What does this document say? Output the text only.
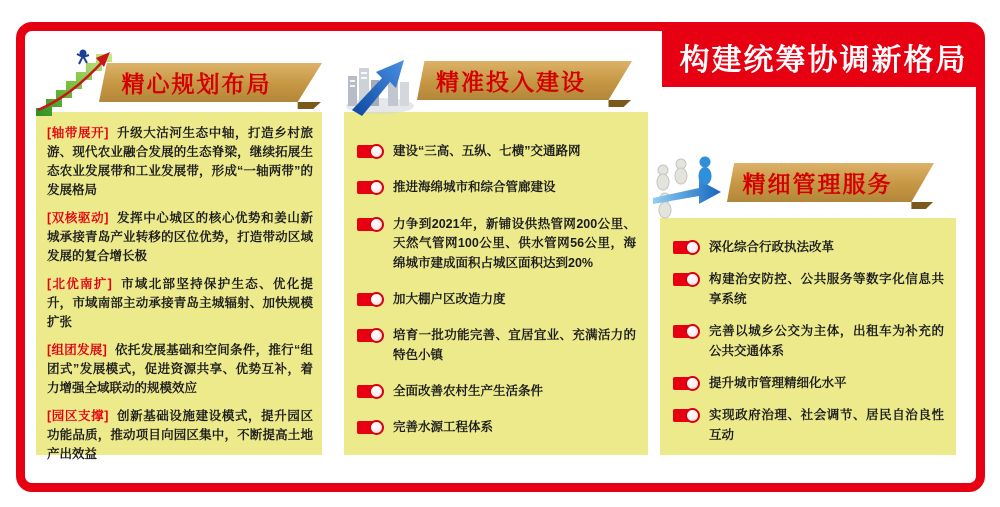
构建统筹协调新格局
精心规划布局
[轴带展开] 升级大沽河生态中轴，打造乡村旅游、现代农业融合发展的生态脊梁，继续拓展生态农业发展带和工业发展带，形成“一轴两带”的发展格局
[双核驱动] 发挥中心城区的核心优势和姜山新城承接青岛产业转移的区位优势，打造带动区域发展的复合增长极
[北优南扩] 市域北部坚持保护生态、优化提升，市域南部主动承接青岛主城辐射、加快规模扩张
[组团发展] 依托发展基础和空间条件，推行“组团式”发展模式，促进资源共享、优势互补，着力增强全域联动的规模效应
[园区支撑] 创新基础设施建设模式，提升园区功能品质，推动项目向园区集中，不断提高土地产出效益
精准投入建设
建设“三高、五纵、七横”交通路网
推进海绵城市和综合管廊建设
力争到2021年，新铺设供热管网200公里、天然气管网100公里、供水管网56公里，海绵城市建成面积占城区面积达到20%
加大棚户区改造力度
培育一批功能完善、宜居宜业、充满活力的特色小镇
全面改善农村生产生活条件
完善水源工程体系
精细管理服务
深化综合行政执法改革
构建治安防控、公共服务等数字化信息共享系统
完善以城乡公交为主体，出租车为补充的公共交通体系
提升城市管理精细化水平
实现政府治理、社会调节、居民自治良性互动
